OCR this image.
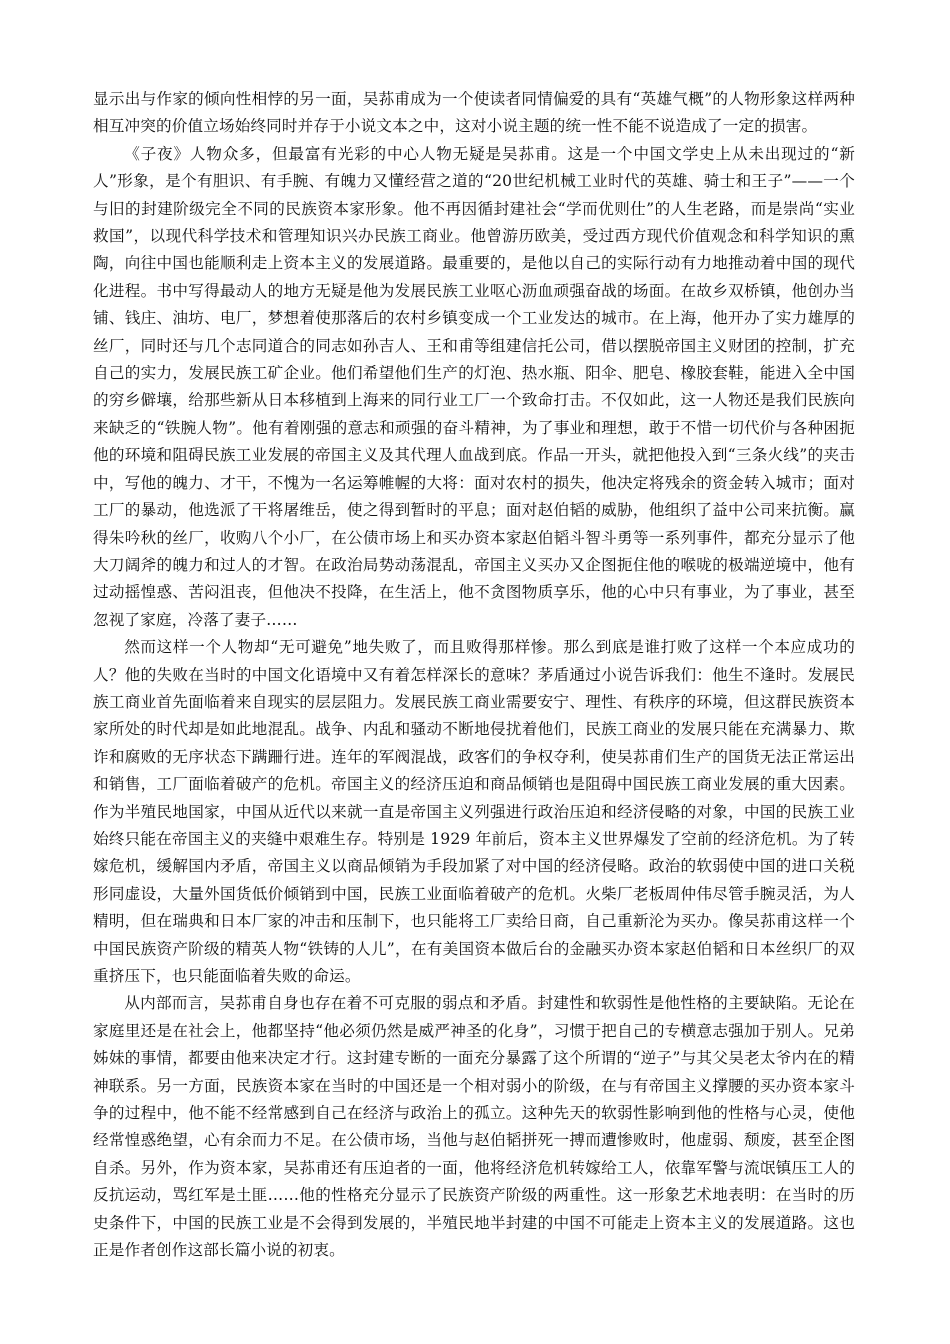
显示出与作家的倾向性相悖的另一面，吴荪甫成为一个使读者同情偏爱的具有“英雄气概”的人物形象这样两种相互冲突的价值立场始终同时并存于小说文本之中，这对小说主题的统一性不能不说造成了一定的损害。

《子夜》人物众多，但最富有光彩的中心人物无疑是吴荪甫。这是一个中国文学史上从未出现过的“新人”形象，是个有胆识、有手腕、有魄力又懂经营之道的“20世纪机械工业时代的英雄、骑士和王子”——一个与旧的封建阶级完全不同的民族资本家形象。他不再因循封建社会“学而优则仕”的人生老路，而是崇尚“实业救国”，以现代科学技术和管理知识兴办民族工商业。他曾游历欧美，受过西方现代价值观念和科学知识的熏陶，向往中国也能顺利走上资本主义的发展道路。最重要的，是他以自己的实际行动有力地推动着中国的现代化进程。书中写得最动人的地方无疑是他为发展民族工业呕心沥血顽强奋战的场面。在故乡双桥镇，他创办当铺、钱庄、油坊、电厂，梦想着使那落后的农村乡镇变成一个工业发达的城市。在上海，他开办了实力雄厚的丝厂，同时还与几个志同道合的同志如孙吉人、王和甫等组建信托公司，借以摆脱帝国主义财团的控制，扩充自己的实力，发展民族工矿企业。他们希望他们生产的灯泡、热水瓶、阳伞、肥皂、橡胶套鞋，能进入全中国的穷乡僻壤，给那些新从日本移植到上海来的同行业工厂一个致命打击。不仅如此，这一人物还是我们民族向来缺乏的“铁腕人物”。他有着刚强的意志和顽强的奋斗精神，为了事业和理想，敢于不惜一切代价与各种困扼他的环境和阻碍民族工业发展的帝国主义及其代理人血战到底。作品一开头，就把他投入到“三条火线”的夹击中，写他的魄力、才干，不愧为一名运筹帷幄的大将：面对农村的损失，他决定将残余的资金转入城市；面对工厂的暴动，他选派了干将屠维岳，使之得到暂时的平息；面对赵伯韬的威胁，他组织了益中公司来抗衡。赢得朱吟秋的丝厂，收购八个小厂，在公债市场上和买办资本家赵伯韬斗智斗勇等一系列事件，都充分显示了他大刀阔斧的魄力和过人的才智。在政治局势动荡混乱，帝国主义买办又企图扼住他的喉咙的极端逆境中，他有过动摇惶惑、苦闷沮丧，但他决不投降，在生活上，他不贪图物质享乐，他的心中只有事业，为了事业，甚至忽视了家庭，冷落了妻子……

然而这样一个人物却“无可避免”地失败了，而且败得那样惨。那么到底是谁打败了这样一个本应成功的人？他的失败在当时的中国文化语境中又有着怎样深长的意味？茅盾通过小说告诉我们：他生不逢时。发展民族工商业首先面临着来自现实的层层阻力。发展民族工商业需要安宁、理性、有秩序的环境，但这群民族资本家所处的时代却是如此地混乱。战争、内乱和骚动不断地侵扰着他们，民族工商业的发展只能在充满暴力、欺诈和腐败的无序状态下蹒跚行进。连年的军阀混战，政客们的争权夺利，使吴荪甫们生产的国货无法正常运出和销售，工厂面临着破产的危机。帝国主义的经济压迫和商品倾销也是阻碍中国民族工商业发展的重大因素。作为半殖民地国家，中国从近代以来就一直是帝国主义列强进行政治压迫和经济侵略的对象，中国的民族工业始终只能在帝国主义的夹缝中艰难生存。特别是 1929 年前后，资本主义世界爆发了空前的经济危机。为了转嫁危机，缓解国内矛盾，帝国主义以商品倾销为手段加紧了对中国的经济侵略。政治的软弱使中国的进口关税形同虚设，大量外国货低价倾销到中国，民族工业面临着破产的危机。火柴厂老板周仲伟尽管手腕灵活，为人精明，但在瑞典和日本厂家的冲击和压制下，也只能将工厂卖给日商，自己重新沦为买办。像吴荪甫这样一个中国民族资产阶级的精英人物“铁铸的人儿”，在有美国资本做后台的金融买办资本家赵伯韬和日本丝织厂的双重挤压下，也只能面临着失败的命运。

从内部而言，吴荪甫自身也存在着不可克服的弱点和矛盾。封建性和软弱性是他性格的主要缺陷。无论在家庭里还是在社会上，他都坚持“他必须仍然是威严神圣的化身”，习惯于把自己的专横意志强加于别人。兄弟姊妹的事情，都要由他来决定才行。这封建专断的一面充分暴露了这个所谓的“逆子”与其父吴老太爷内在的精神联系。另一方面，民族资本家在当时的中国还是一个相对弱小的阶级，在与有帝国主义撑腰的买办资本家斗争的过程中，他不能不经常感到自己在经济与政治上的孤立。这种先天的软弱性影响到他的性格与心灵，使他经常惶惑绝望，心有余而力不足。在公债市场，当他与赵伯韬拼死一搏而遭惨败时，他虚弱、颓废，甚至企图自杀。另外，作为资本家，吴荪甫还有压迫者的一面，他将经济危机转嫁给工人，依靠军警与流氓镇压工人的反抗运动，骂红军是土匪……他的性格充分显示了民族资产阶级的两重性。这一形象艺术地表明：在当时的历史条件下，中国的民族工业是不会得到发展的，半殖民地半封建的中国不可能走上资本主义的发展道路。这也正是作者创作这部长篇小说的初衷。
